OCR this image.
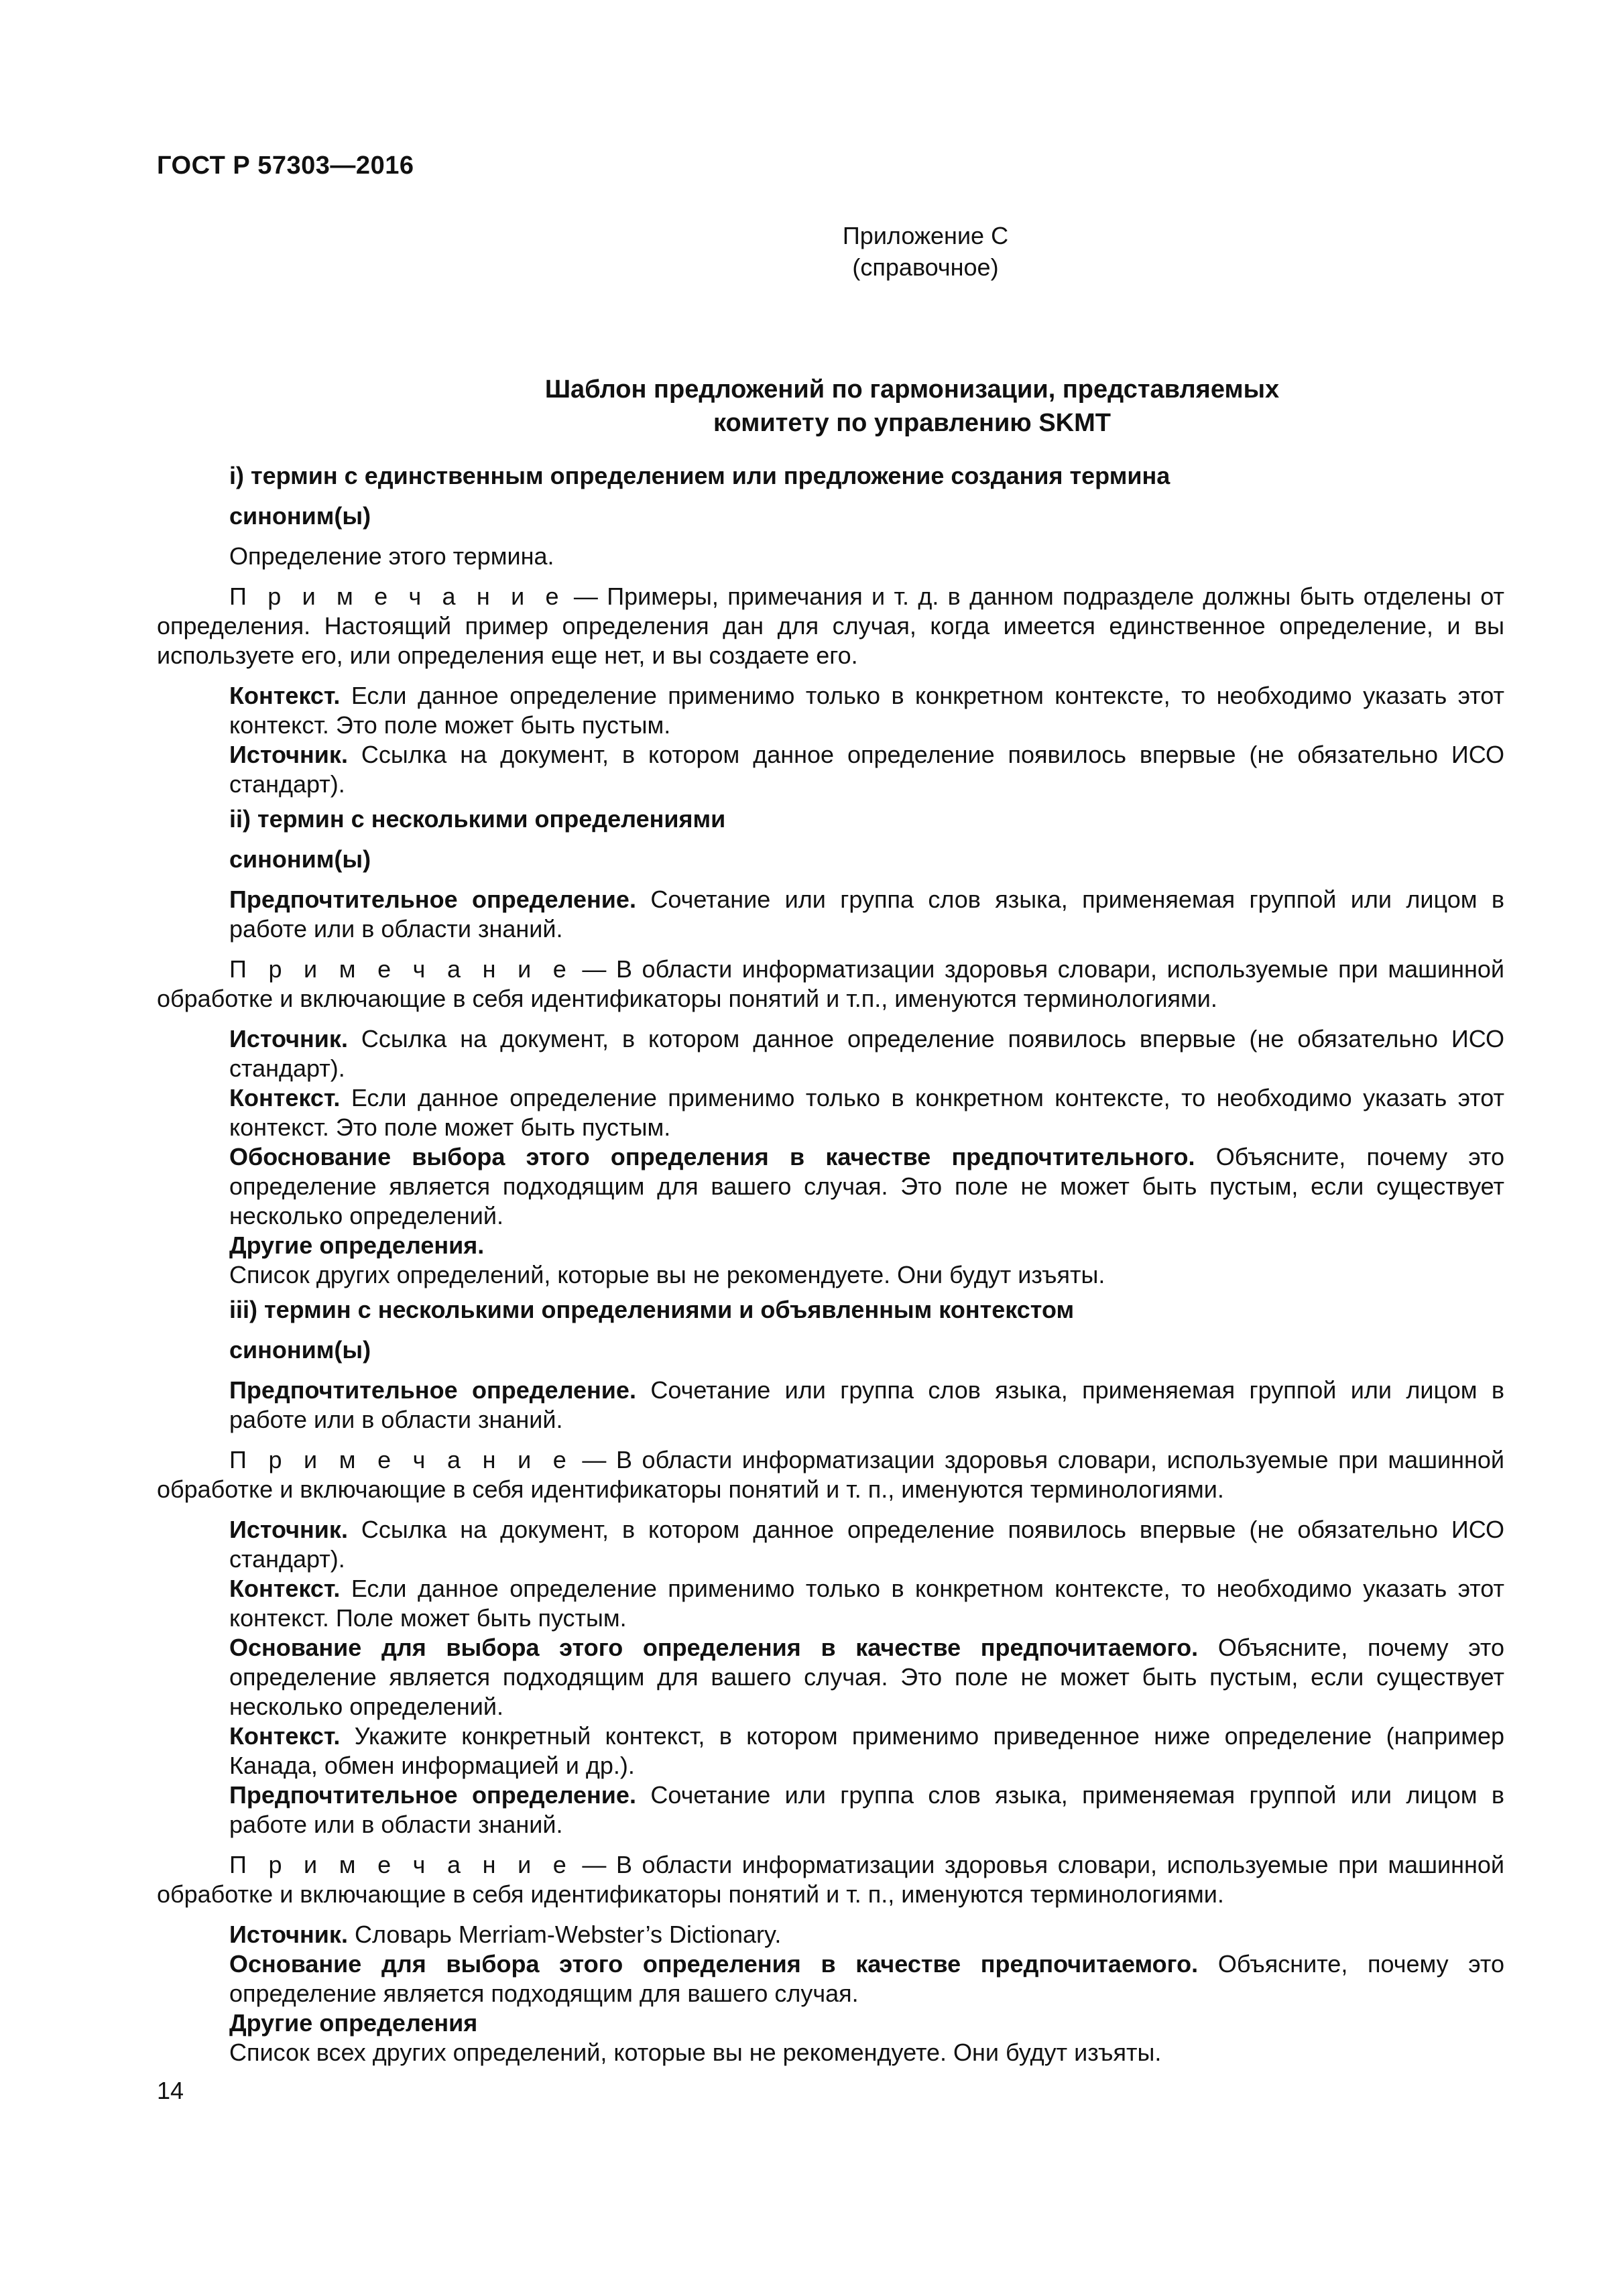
ГОСТ Р 57303—2016
Приложение С
(справочное)
Шаблон предложений по гармонизации, представляемых
комитету по управлению SKMT
i) термин с единственным определением или предложение создания термина
синоним(ы)
Определение этого термина.
П р и м е ч а н и е — Примеры, примечания и т. д. в данном подразделе должны быть отделены от определения. Настоящий пример определения дан для случая, когда имеется единственное определение, и вы используете его, или определения еще нет, и вы создаете его.
Контекст. Если данное определение применимо только в конкретном контексте, то необходимо указать этот контекст. Это поле может быть пустым.
Источник. Ссылка на документ, в котором данное определение появилось впервые (не обязательно ИСО стандарт).
ii) термин с несколькими определениями
синоним(ы)
Предпочтительное определение. Сочетание или группа слов языка, применяемая группой или лицом в работе или в области знаний.
П р и м е ч а н и е — В области информатизации здоровья словари, используемые при машинной обработке и включающие в себя идентификаторы понятий и т.п., именуются терминологиями.
Источник. Ссылка на документ, в котором данное определение появилось впервые (не обязательно ИСО стандарт).
Контекст. Если данное определение применимо только в конкретном контексте, то необходимо указать этот контекст. Это поле может быть пустым.
Обоснование выбора этого определения в качестве предпочтительного. Объясните, почему это определение является подходящим для вашего случая. Это поле не может быть пустым, если существует несколько определений.
Другие определения.
Список других определений, которые вы не рекомендуете. Они будут изъяты.
iii) термин с несколькими определениями и объявленным контекстом
синоним(ы)
Предпочтительное определение. Сочетание или группа слов языка, применяемая группой или лицом в работе или в области знаний.
П р и м е ч а н и е — В области информатизации здоровья словари, используемые при машинной обработке и включающие в себя идентификаторы понятий и т. п., именуются терминологиями.
Источник. Ссылка на документ, в котором данное определение появилось впервые (не обязательно ИСО стандарт).
Контекст. Если данное определение применимо только в конкретном контексте, то необходимо указать этот контекст. Поле может быть пустым.
Основание для выбора этого определения в качестве предпочитаемого. Объясните, почему это определение является подходящим для вашего случая. Это поле не может быть пустым, если существует несколько определений.
Контекст. Укажите конкретный контекст, в котором применимо приведенное ниже определение (например Канада, обмен информацией и др.).
Предпочтительное определение. Сочетание или группа слов языка, применяемая группой или лицом в работе или в области знаний.
П р и м е ч а н и е — В области информатизации здоровья словари, используемые при машинной обработке и включающие в себя идентификаторы понятий и т. п., именуются терминологиями.
Источник. Словарь Merriam-Webster’s Dictionary.
Основание для выбора этого определения в качестве предпочитаемого. Объясните, почему это определение является подходящим для вашего случая.
Другие определения
Список всех других определений, которые вы не рекомендуете. Они будут изъяты.
14
